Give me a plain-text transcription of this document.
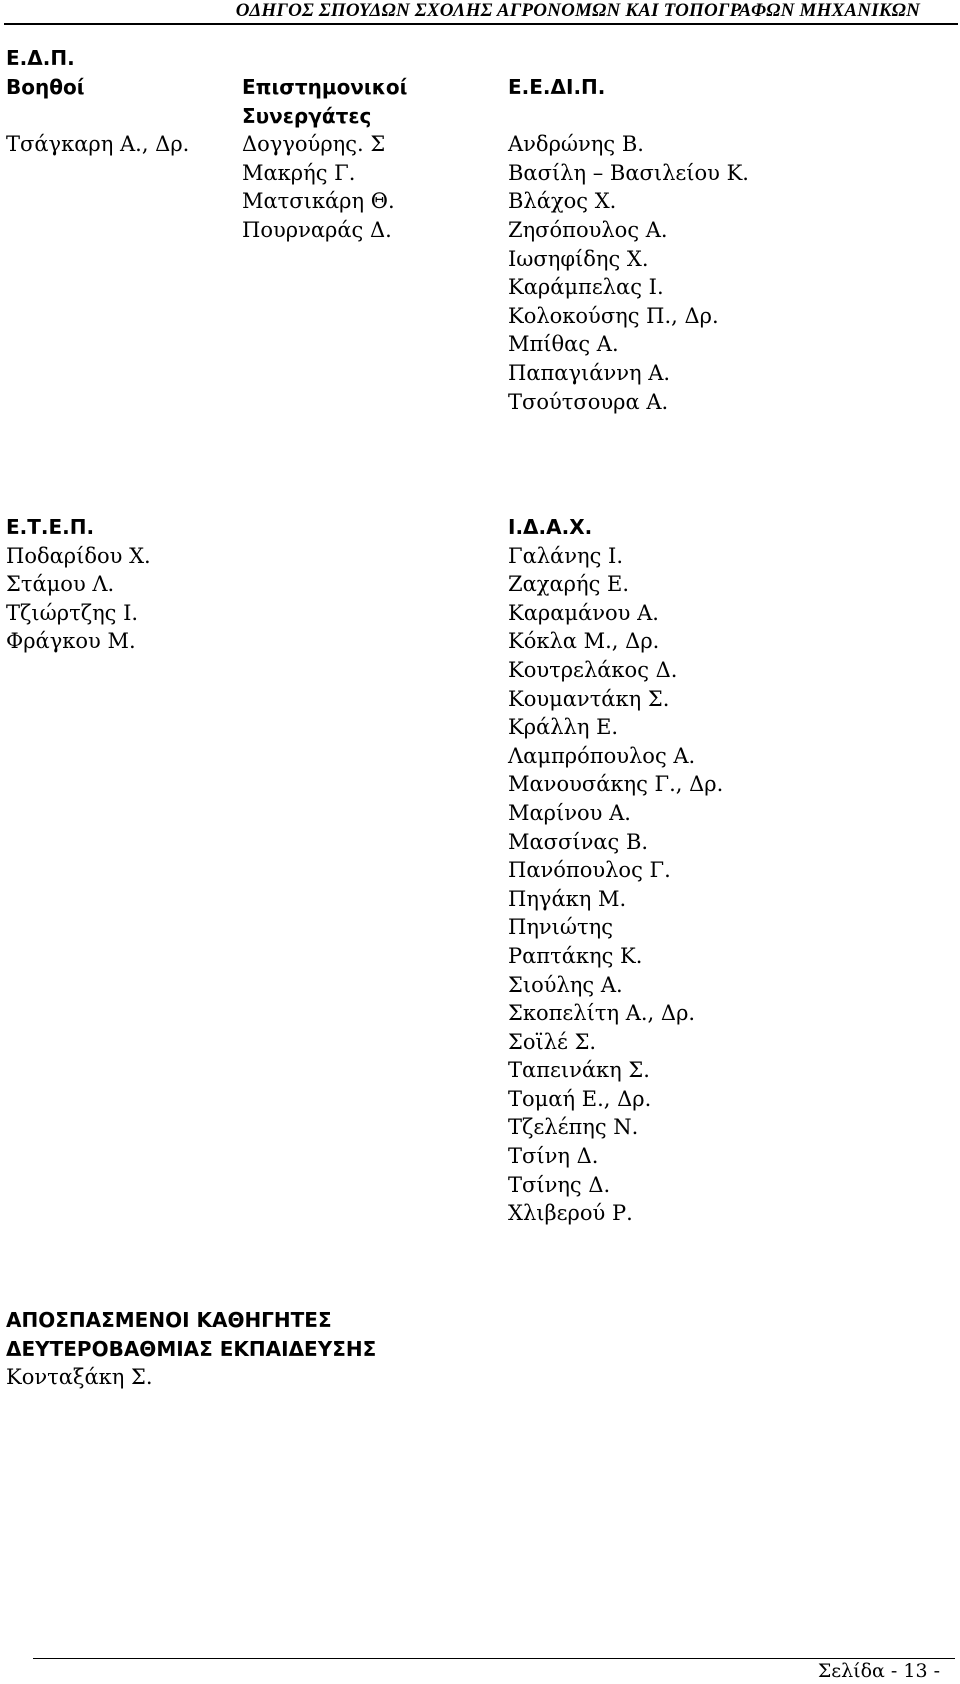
ΟΔΗΓΟΣ ΣΠΟΥΔΩΝ ΣΧΟΛΗΣ ΑΓΡΟΝΟΜΩΝ ΚΑΙ ΤΟΠΟΓΡΑΦΩΝ ΜΗΧΑΝΙΚΩΝ
Ε.Δ.Π.
Βοηθοί
Τσάγκαρη Α., Δρ.
Επιστημονικοί
Συνεργάτες
Δογγούρης. Σ
Μακρής Γ.
Ματσικάρη Θ.
Πουρναράς Δ.
Ε.Ε.ΔΙ.Π.
Ανδρώνης Β.
Βασίλη – Βασιλείου Κ.
Βλάχος Χ.
Ζησόπουλος Α.
Ιωσηφίδης Χ.
Καράμπελας Ι.
Κολοκούσης Π., Δρ.
Μπίθας Α.
Παπαγιάννη Α.
Τσούτσουρα Α.
Ε.Τ.Ε.Π.
Ποδαρίδου Χ.
Στάμου Λ.
Τζιώρτζης Ι.
Φράγκου Μ.
Ι.Δ.Α.Χ.
Γαλάνης Ι.
Ζαχαρής Ε.
Καραμάνου Α.
Κόκλα Μ., Δρ.
Κουτρελάκος Δ.
Κουμαντάκη Σ.
Κράλλη Ε.
Λαμπρόπουλος Α.
Μανουσάκης Γ., Δρ.
Μαρίνου Α.
Μασσίνας Β.
Πανόπουλος Γ.
Πηγάκη Μ.
Πηνιώτης
Ραπτάκης Κ.
Σιούλης Α.
Σκοπελίτη Α., Δρ.
Σοϊλέ Σ.
Ταπεινάκη Σ.
Τομαή Ε., Δρ.
Τζελέπης Ν.
Τσίνη Δ.
Τσίνης Δ.
Χλιβερού Ρ.
ΑΠΟΣΠΑΣΜΕΝΟΙ ΚΑΘΗΓΗΤΕΣ
ΔΕΥΤΕΡΟΒΑΘΜΙΑΣ ΕΚΠΑΙΔΕΥΣΗΣ
Κονταξάκη Σ.
Σελίδα - 13 -
